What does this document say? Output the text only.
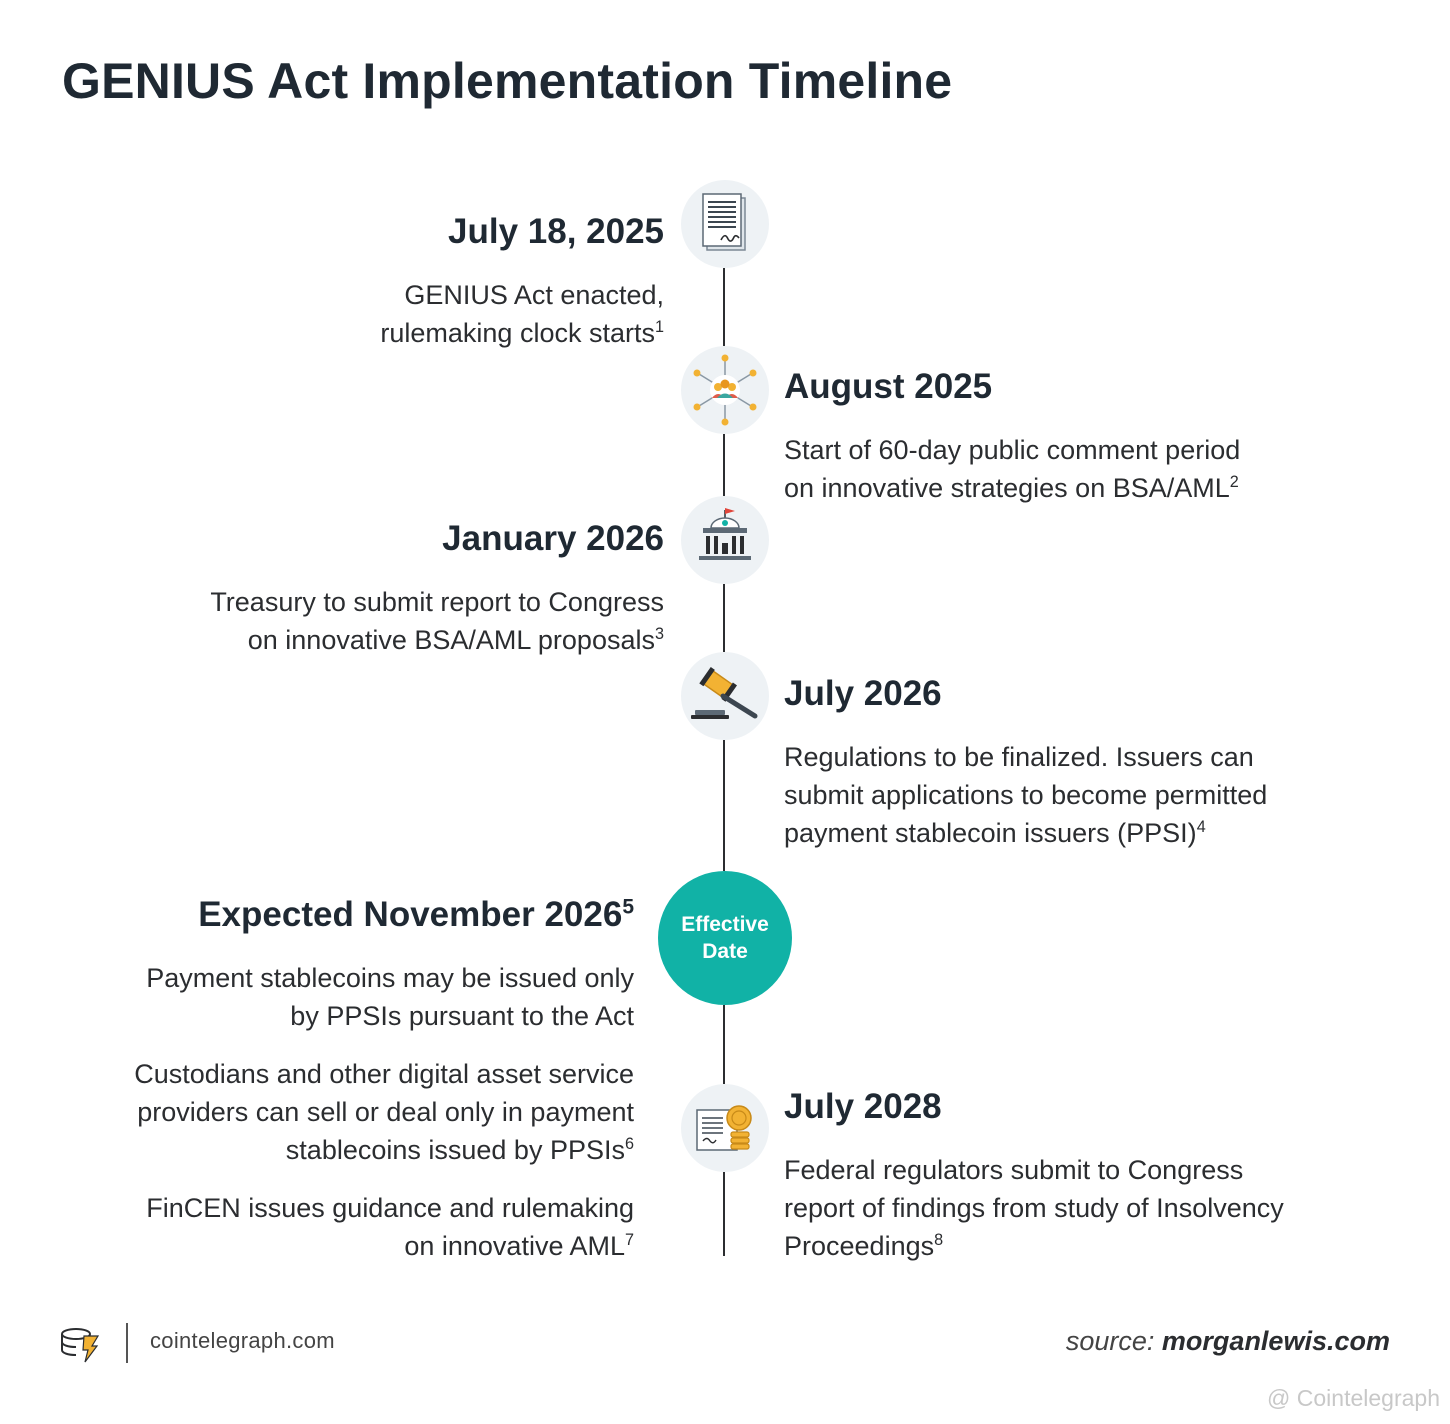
GENIUS Act Implementation Timeline
July 18, 2025
GENIUS Act enacted,
rulemaking clock starts$^1$
August 2025
Start of 60-day public comment period
on innovative strategies on BSA/AML$^2$
January 2026
Treasury to submit report to Congress
on innovative BSA/AML proposals$^3$
July 2026
Regulations to be finalized. Issuers can
submit applications to become permitted
payment stablecoin issuers (PPSI)$^4$
Effective
Date
Expected November 2026$^5$
Payment stablecoins may be issued only
by PPSIs pursuant to the Act
Custodians and other digital asset service
providers can sell or deal only in payment
stablecoins issued by PPSIs$^6$
FinCEN issues guidance and rulemaking
on innovative AML$^7$
July 2028
Federal regulators submit to Congress
report of findings from study of Insolvency
Proceedings$^8$
cointelegraph.com	source: morganlewis.com
@ Cointelegraph
